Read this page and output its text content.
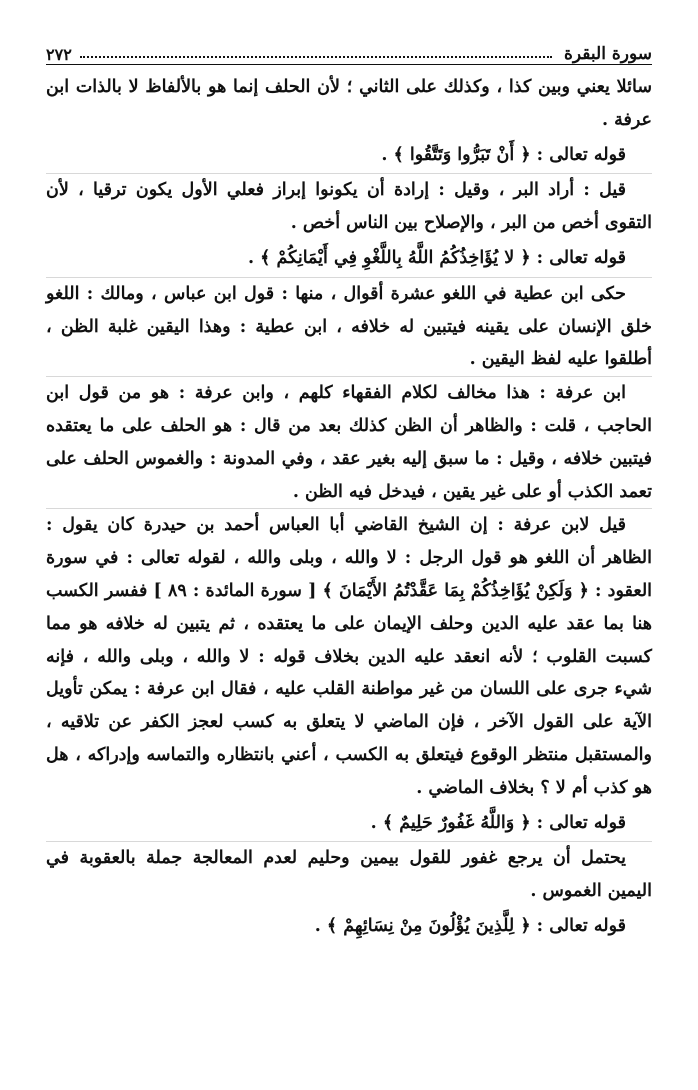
سورة البقرة
٢٧٢

سائلا يعني وبين كذا ، وكذلك على الثاني ؛ لأن الحلف إنما هو بالألفاظ لا بالذات ابن عرفة .

قوله تعالى : ﴿ أَنْ تَبَرُّوا وَتَتَّقُوا ﴾ .

قيل : أراد البر ، وقيل : إرادة أن يكونوا إبراز فعلي الأول يكون ترقيا ، لأن التقوى أخص من البر ، والإصلاح بين الناس أخص .

قوله تعالى : ﴿ لا يُؤَاخِذُكُمُ اللَّهُ بِاللَّغْوِ فِي أَيْمَانِكُمْ ﴾ .

حكى ابن عطية في اللغو عشرة أقوال ، منها : قول ابن عباس ، ومالك : اللغو خلق الإنسان على يقينه فيتبين له خلافه ، ابن عطية : وهذا اليقين غلبة الظن ، أطلقوا عليه لفظ اليقين .

ابن عرفة : هذا مخالف لكلام الفقهاء كلهم ، وابن عرفة : هو من قول ابن الحاجب ، قلت : والظاهر أن الظن كذلك بعد من قال : هو الحلف على ما يعتقده فيتبين خلافه ، وقيل : ما سبق إليه بغير عقد ، وفي المدونة : والغموس الحلف على تعمد الكذب أو على غير يقين ، فيدخل فيه الظن .

قيل لابن عرفة : إن الشيخ القاضي أبا العباس أحمد بن حيدرة كان يقول : الظاهر أن اللغو هو قول الرجل : لا والله ، وبلى والله ، لقوله تعالى : في سورة العقود : ﴿ وَلَكِنْ يُؤَاخِذُكُمْ بِمَا عَقَّدْتُمُ الأَيْمَانَ ﴾ [ سورة المائدة : ٨٩ ] ففسر الكسب هنا بما عقد عليه الدين وحلف الإيمان على ما يعتقده ، ثم يتبين له خلافه هو مما كسبت القلوب ؛ لأنه انعقد عليه الدين بخلاف قوله : لا والله ، وبلى والله ، فإنه شيء جرى على اللسان من غير مواطنة القلب عليه ، فقال ابن عرفة : يمكن تأويل الآية على القول الآخر ، فإن الماضي لا يتعلق به كسب لعجز الكفر عن تلاقيه ، والمستقبل منتظر الوقوع فيتعلق به الكسب ، أعني بانتظاره والتماسه وإدراكه ، هل هو كذب أم لا ؟ بخلاف الماضي .

قوله تعالى : ﴿ وَاللَّهُ غَفُورٌ حَلِيمٌ ﴾ .

يحتمل أن يرجع غفور للقول بيمين وحليم لعدم المعالجة جملة بالعقوبة في اليمين الغموس .

قوله تعالى : ﴿ لِلَّذِينَ يُؤْلُونَ مِنْ نِسَائِهِمْ ﴾ .
